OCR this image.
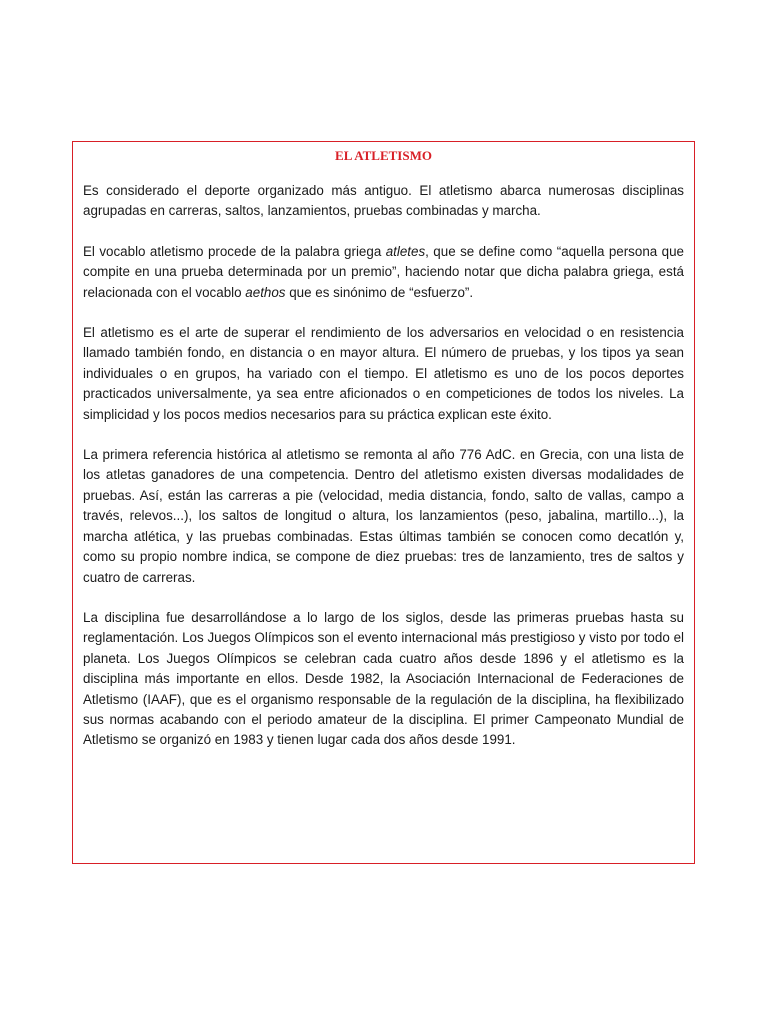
EL ATLETISMO

Es considerado el deporte organizado más antiguo. El atletismo abarca numerosas disciplinas agrupadas en carreras, saltos, lanzamientos, pruebas combinadas y marcha.

El vocablo atletismo procede de la palabra griega atletes, que se define como “aquella persona que compite en una prueba determinada por un premio”, haciendo notar que dicha palabra griega, está relacionada con el vocablo aethos que es sinónimo de “esfuerzo”.

El atletismo es el arte de superar el rendimiento de los adversarios en velocidad o en resistencia llamado también fondo, en distancia o en mayor altura. El número de pruebas, y los tipos ya sean individuales o en grupos, ha variado con el tiempo. El atletismo es uno de los pocos deportes practicados universalmente, ya sea entre aficionados o en competiciones de todos los niveles. La simplicidad y los pocos medios necesarios para su práctica explican este éxito.

La primera referencia histórica al atletismo se remonta al año 776 AdC. en Grecia, con una lista de los atletas ganadores de una competencia. Dentro del atletismo existen diversas modalidades de pruebas. Así, están las carreras a pie (velocidad, media distancia, fondo, salto de vallas, campo a través, relevos...), los saltos de longitud o altura, los lanzamientos (peso, jabalina, martillo...), la marcha atlética, y las pruebas combinadas. Estas últimas también se conocen como decatlón y, como su propio nombre indica, se compone de diez pruebas: tres de lanzamiento, tres de saltos y cuatro de carreras.

La disciplina fue desarrollándose a lo largo de los siglos, desde las primeras pruebas hasta su reglamentación. Los Juegos Olímpicos son el evento internacional más prestigioso y visto por todo el planeta. Los Juegos Olímpicos se celebran cada cuatro años desde 1896 y el atletismo es la disciplina más importante en ellos. Desde 1982, la Asociación Internacional de Federaciones de Atletismo (IAAF), que es el organismo responsable de la regulación de la disciplina, ha flexibilizado sus normas acabando con el periodo amateur de la disciplina. El primer Campeonato Mundial de Atletismo se organizó en 1983 y tienen lugar cada dos años desde 1991.
